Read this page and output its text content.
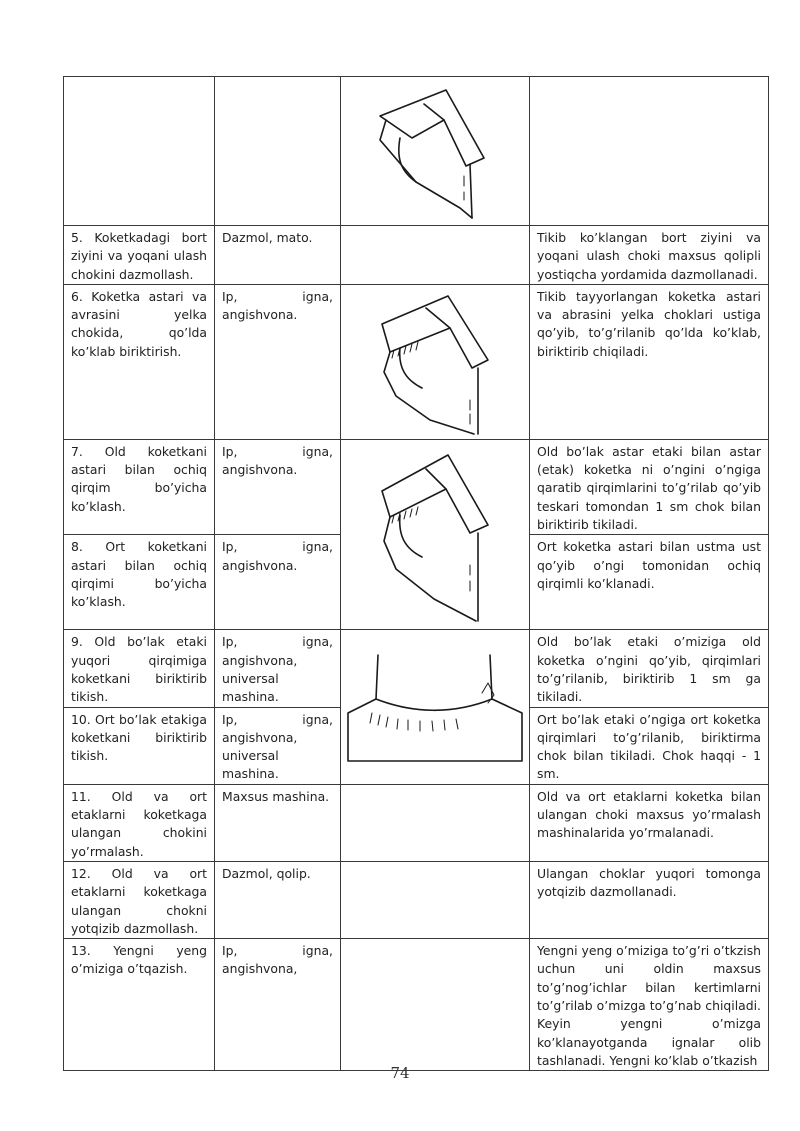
5. Koketkadagi bort ziyini va yoqani ulash chokini dazmollash.	Dazmol, mato.		Tikib ko’klangan bort ziyini va yoqani ulash choki maxsus qolipli yostiqcha yordamida dazmollanadi.
6. Koketka astari va avrasini yelka chokida, qo’lda ko’klab biriktirish.	Ip, igna, angishvona.		Tikib tayyorlangan koketka astari va abrasini yelka choklari ustiga qo’yib, to’g’rilanib qo’lda ko’klab, biriktirib chiqiladi.
7. Old koketkani astari bilan ochiq qirqim bo’yicha ko’klash.	Ip, igna, angishvona.		Old bo’lak astar etaki bilan astar (etak) koketka ni o’ngini o’ngiga qaratib qirqimlarini to’g’rilab qo’yib teskari tomondan 1 sm chok bilan biriktirib tikiladi.
8. Ort koketkani astari bilan ochiq qirqimi bo’yicha ko’klash.	Ip, igna, angishvona.		Ort koketka astari bilan ustma ust qo’yib o’ngi tomonidan ochiq qirqimli ko’klanadi.
9. Old bo’lak etaki yuqori qirqimiga koketkani biriktirib tikish.	Ip, igna, angishvona, universal mashina.		Old bo’lak etaki o’miziga old koketka o’ngini qo’yib, qirqimlari to’g’rilanib, biriktirib 1 sm ga tikiladi.
10. Ort bo’lak etakiga koketkani biriktirib tikish.	Ip, igna, angishvona, universal mashina.		Ort bo’lak etaki o’ngiga ort koketka qirqimlari to’g’rilanib, biriktirma chok bilan tikiladi. Chok haqqi - 1 sm.
11. Old va ort etaklarni koketkaga ulangan chokini yo’rmalash.	Maxsus mashina.		Old va ort etaklarni koketka bilan ulangan choki maxsus yo’rmalash mashinalarida yo’rmalanadi.
12. Old va ort etaklarni koketkaga ulangan chokni yotqizib dazmollash.	Dazmol, qolip.		Ulangan choklar yuqori tomonga yotqizib dazmollanadi.
13. Yengni yeng o’miziga o’tqazish.	Ip, igna, angishvona,		Yengni yeng o’miziga to’g’ri o’tkzish uchun uni oldin maxsus to’g’nog’ichlar bilan kertimlarni to’g’rilab o’mizga to’g’nab chiqiladi. Keyin yengni o’mizga ko’klanayotganda ignalar olib tashlanadi. Yengni ko’klab o’tkazish
74
